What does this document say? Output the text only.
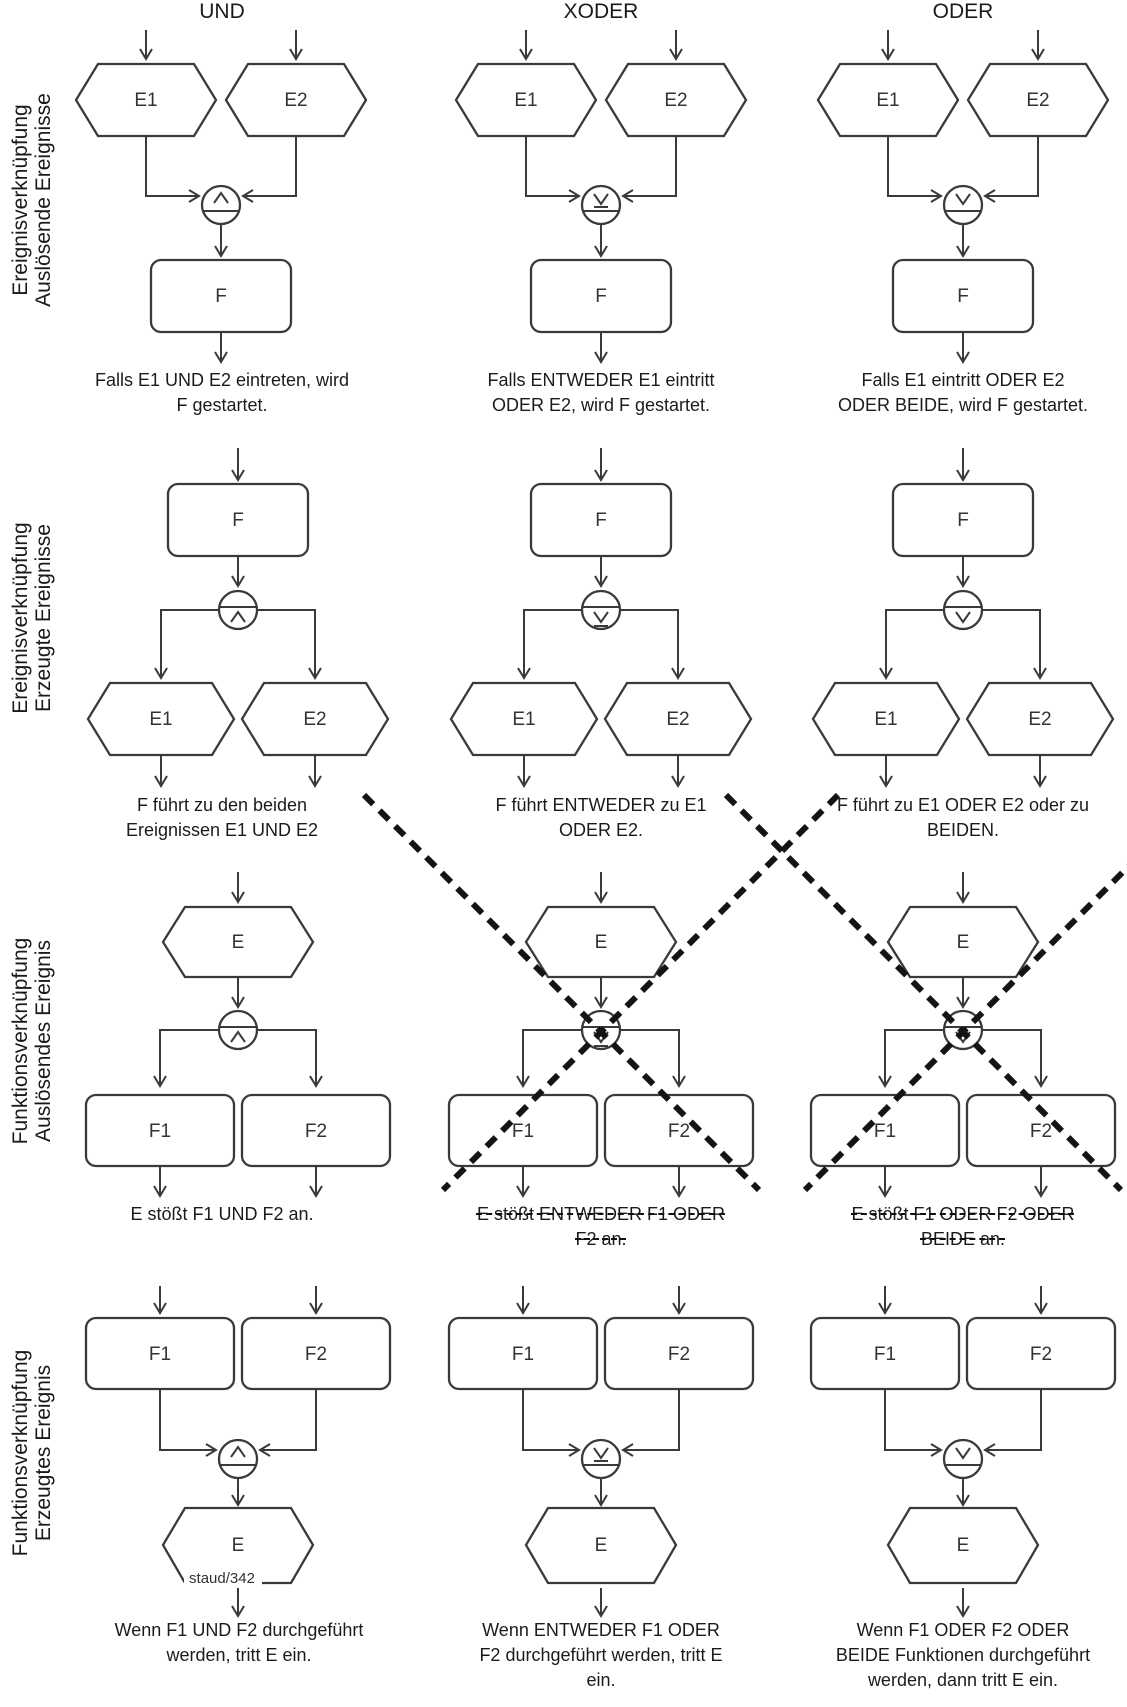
UND	XODER	ODER
Ereignisverknüpfung Auslösende Ereignisse
Ereignisverknüpfung Erzeugte Ereignisse
Funktionsverknüpfung Auslösendes Ereignis
Funktionsverknüpfung Erzeugtes Ereignis
E1	E2
F
E1	E2
F
E1	E2
F
F
E1	E2
F
E1	E2
F
E1	E2
E
F1	F2
E
F1	F2
E
F1	F2
F1	F2
E
staud/342
F1	F2
E
F1	F2
E
Falls E1 UND E2 eintreten, wird
F gestartet.
Falls ENTWEDER E1 eintritt
ODER E2, wird F gestartet.
Falls E1 eintritt ODER E2
ODER BEIDE, wird F gestartet.
F führt zu den beiden
Ereignissen E1 UND E2
F führt ENTWEDER zu E1
ODER E2.
F führt zu E1 ODER E2 oder zu
BEIDEN.
E stößt F1 UND F2 an.	E stößt ENTWEDER F1 ODER
F2 an.
E stößt F1 ODER F2 ODER
BEIDE an.
Wenn F1 UND F2 durchgeführt
werden, tritt E ein.
Wenn ENTWEDER F1 ODER
F2 durchgeführt werden, tritt E
ein.
Wenn F1 ODER F2 ODER
BEIDE Funktionen durchgeführt
werden, dann tritt E ein.
